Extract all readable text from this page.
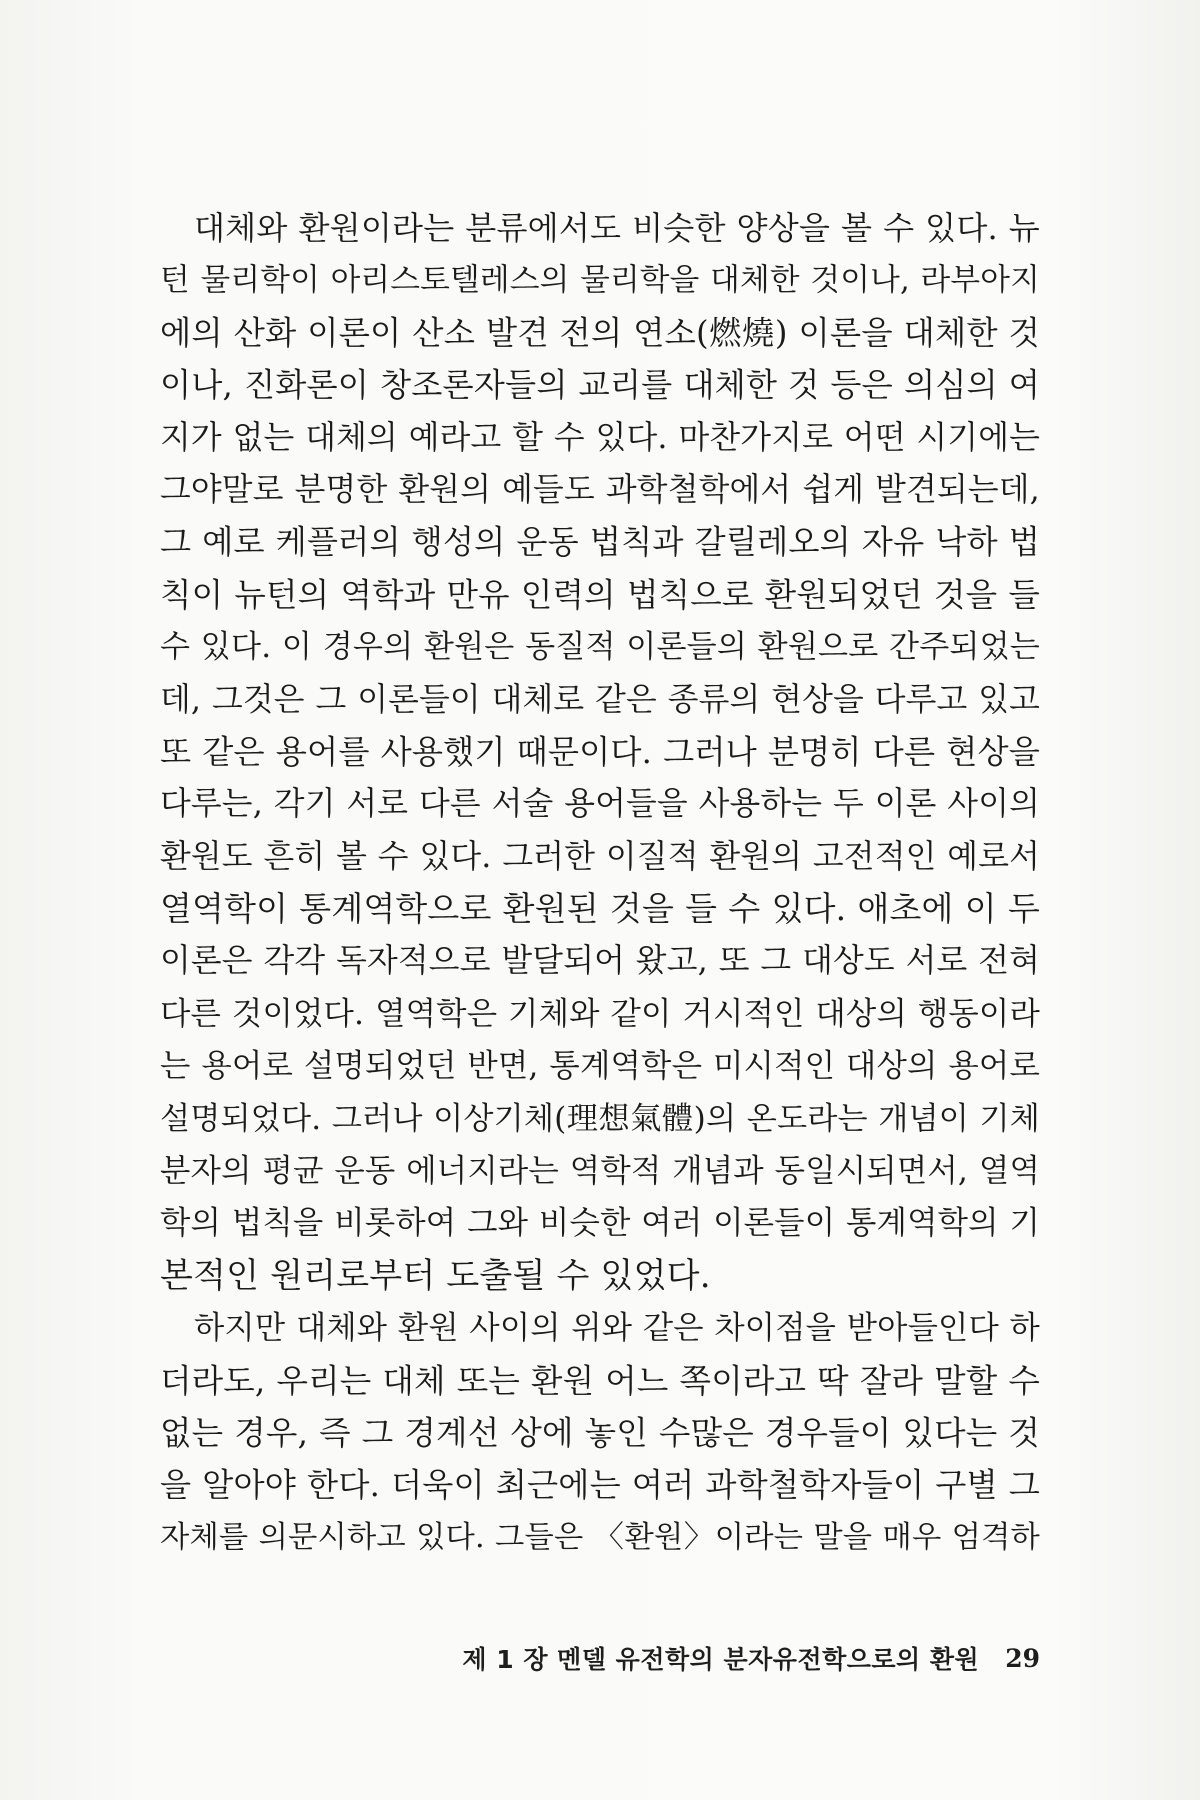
대체와 환원이라는 분류에서도 비슷한 양상을 볼 수 있다. 뉴
턴 물리학이 아리스토텔레스의 물리학을 대체한 것이나, 라부아지
에의 산화 이론이 산소 발견 전의 연소(燃燒) 이론을 대체한 것
이나, 진화론이 창조론자들의 교리를 대체한 것 등은 의심의 여
지가 없는 대체의 예라고 할 수 있다. 마찬가지로 어떤 시기에는
그야말로 분명한 환원의 예들도 과학철학에서 쉽게 발견되는데,
그 예로 케플러의 행성의 운동 법칙과 갈릴레오의 자유 낙하 법
칙이 뉴턴의 역학과 만유 인력의 법칙으로 환원되었던 것을 들
수 있다. 이 경우의 환원은 동질적 이론들의 환원으로 간주되었는
데, 그것은 그 이론들이 대체로 같은 종류의 현상을 다루고 있고
또 같은 용어를 사용했기 때문이다. 그러나 분명히 다른 현상을
다루는, 각기 서로 다른 서술 용어들을 사용하는 두 이론 사이의
환원도 흔히 볼 수 있다. 그러한 이질적 환원의 고전적인 예로서
열역학이 통계역학으로 환원된 것을 들 수 있다. 애초에 이 두
이론은 각각 독자적으로 발달되어 왔고, 또 그 대상도 서로 전혀
다른 것이었다. 열역학은 기체와 같이 거시적인 대상의 행동이라
는 용어로 설명되었던 반면, 통계역학은 미시적인 대상의 용어로
설명되었다. 그러나 이상기체(理想氣體)의 온도라는 개념이 기체
분자의 평균 운동 에너지라는 역학적 개념과 동일시되면서, 열역
학의 법칙을 비롯하여 그와 비슷한 여러 이론들이 통계역학의 기
본적인 원리로부터 도출될 수 있었다.
하지만 대체와 환원 사이의 위와 같은 차이점을 받아들인다 하
더라도, 우리는 대체 또는 환원 어느 쪽이라고 딱 잘라 말할 수
없는 경우, 즉 그 경계선 상에 놓인 수많은 경우들이 있다는 것
을 알아야 한다. 더욱이 최근에는 여러 과학철학자들이 구별 그
자체를 의문시하고 있다. 그들은 〈환원〉이라는 말을 매우 엄격하
제 1 장 멘델 유전학의 분자유전학으로의 환원 29
